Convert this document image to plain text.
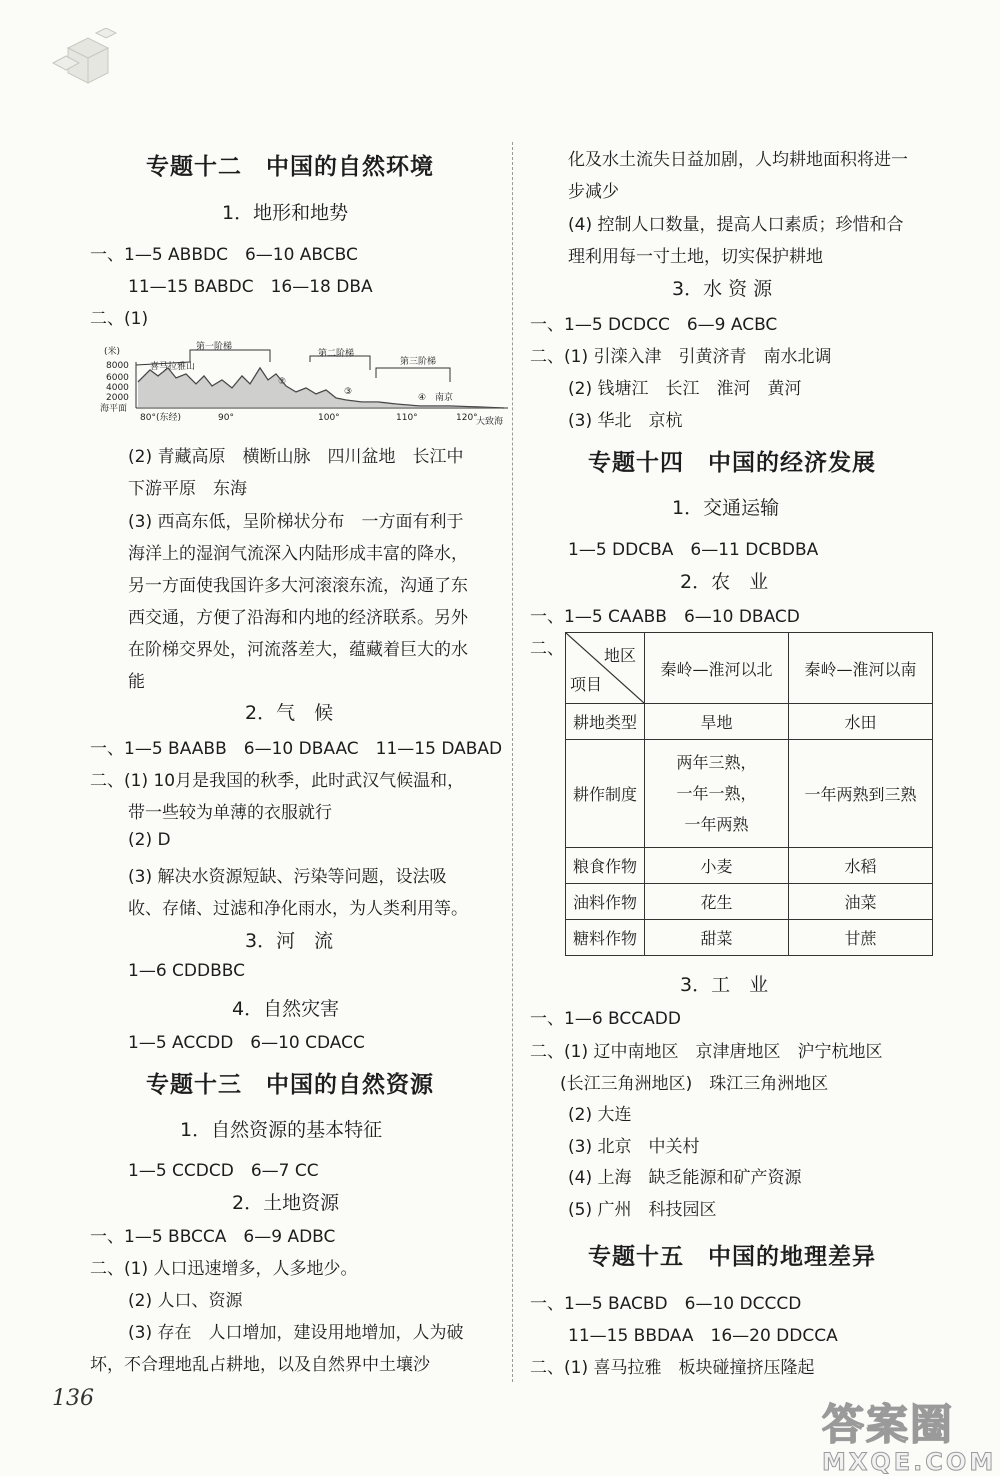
专题十二　中国的自然环境
1．地形和地势
一、1—5 ABBDC　6—10 ABCBC
11—15 BABDC　16—18 DBA
二、(1)
(米)
8000
6000
4000
2000
海平面
第一阶梯
第二阶梯
第三阶梯
喜马拉雅山
③
②
④ 南京
大致海
80°(东经)	90°	100°	110°	120°
(2) 青藏高原　横断山脉　四川盆地　长江中
下游平原　东海
(3) 西高东低，呈阶梯状分布　一方面有利于
海洋上的湿润气流深入内陆形成丰富的降水，
另一方面使我国许多大河滚滚东流，沟通了东
西交通，方便了沿海和内地的经济联系。另外
在阶梯交界处，河流落差大，蕴藏着巨大的水
能
2．气　候
一、1—5 BAABB　6—10 DBAAC　11—15 DABAD
二、(1) 10月是我国的秋季，此时武汉气候温和，
带一些较为单薄的衣服就行
(2) D
(3) 解决水资源短缺、污染等问题，设法吸
收、存储、过滤和净化雨水，为人类利用等。
3．河　流
1—6 CDDBBC
4．自然灾害
1—5 ACCDD　6—10 CDACC
专题十三　中国的自然资源
1．自然资源的基本特征
1—5 CCDCD　6—7 CC
2．土地资源
一、1—5 BBCCA　6—9 ADBC
二、(1) 人口迅速增多，人多地少。
(2) 人口、资源
(3) 存在　人口增加，建设用地增加，人为破
坏，不合理地乱占耕地，以及自然界中土壤沙
136
化及水土流失日益加剧，人均耕地面积将进一
步减少
(4) 控制人口数量，提高人口素质；珍惜和合
理利用每一寸土地，切实保护耕地
3．水 资 源
一、1—5 DCDCC　6—9 ACBC
二、(1) 引滦入津　引黄济青　南水北调
(2) 钱塘江　长江　淮河　黄河
(3) 华北　京杭
专题十四　中国的经济发展
1．交通运输
1—5 DDCBA　6—11 DCBDBA
2．农　业
一、1—5 CAABB　6—10 DBACD
二、 地区
项目	秦岭—淮河以北	秦岭—淮河以南
耕地类型	旱地	水田
耕作制度	两年三熟，
一年一熟，
一年两熟	一年两熟到三熟
粮食作物	小麦	水稻
油料作物	花生	油菜
糖料作物	甜菜	甘蔗
3．工　业
一、1—6 BCCADD
二、(1) 辽中南地区　京津唐地区　沪宁杭地区
(长江三角洲地区)　珠江三角洲地区
(2) 大连
(3) 北京　中关村
(4) 上海　缺乏能源和矿产资源
(5) 广州　科技园区
专题十五　中国的地理差异
一、1—5 BACBD　6—10 DCCCD
11—15 BBDAA　16—20 DDCCA
二、(1) 喜马拉雅　板块碰撞挤压隆起
答案圈
MXQE.COM
